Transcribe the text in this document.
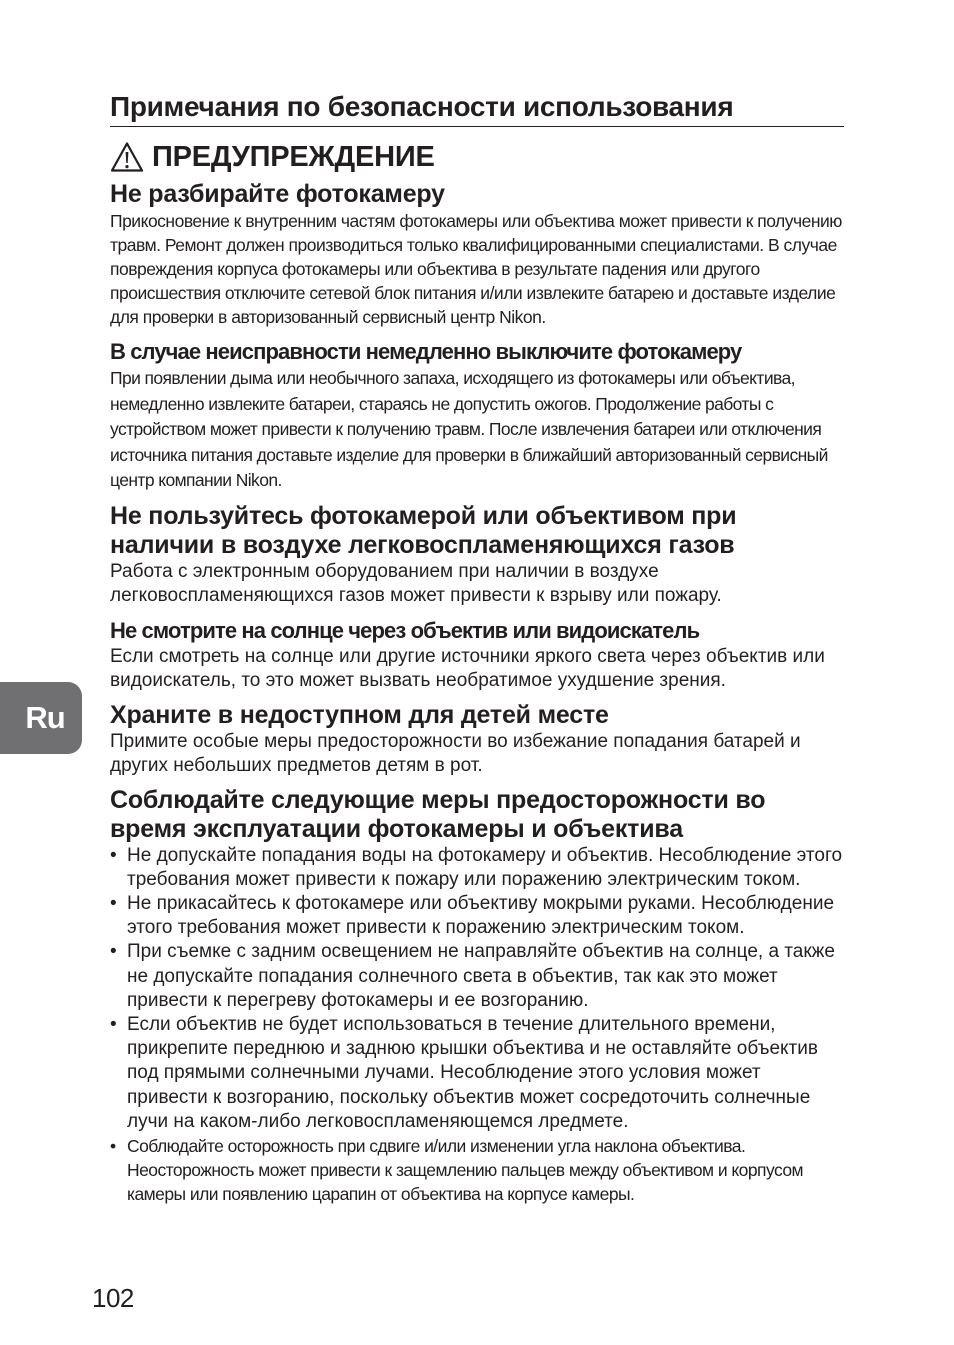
Примечания по безопасности использования
ПРЕДУПРЕЖДЕНИЕ
Не разбирайте фотокамеру

Прикосновение к внутренним частям фотокамеры или объектива может привести к получению травм. Ремонт должен производиться только квалифицированными специалистами. В случае повреждения корпуса фотокамеры или объектива в результате падения или другого происшествия отключите сетевой блок питания и/или извлеките батарею и доставьте изделие для проверки в авторизованный сервисный центр Nikon.

В случае неисправности немедленно выключите фотокамеру

При появлении дыма или необычного запаха, исходящего из фотокамеры или объектива, немедленно извлеките батареи, стараясь не допустить ожогов. Продолжение работы с устройством может привести к получению травм. После извлечения батареи или отключения источника питания доставьте изделие для проверки в ближайший авторизованный сервисный центр компании Nikon.

Не пользуйтесь фотокамерой или объективом при наличии в воздухе легковоспламеняющихся газов

Работа с электронным оборудованием при наличии в воздухе легковоспламеняющихся газов может привести к взрыву или пожару.

Не смотрите на солнце через объектив или видоискатель

Если смотреть на солнце или другие источники яркого света через объектив или видоискатель, то это может вызвать необратимое ухудшение зрения.

Храните в недоступном для детей месте

Примите особые меры предосторожности во избежание попадания батарей и других небольших предметов детям в рот.

Соблюдайте следующие меры предосторожности во время эксплуатации фотокамеры и объектива
• Не допускайте попадания воды на фотокамеру и объектив. Несоблюдение этого требования может привести к пожару или поражению электрическим током.
• Не прикасайтесь к фотокамере или объективу мокрыми руками. Несоблюдение этого требования может привести к поражению электрическим током.
• При съемке с задним освещением не направляйте объектив на солнце, а также не допускайте попадания солнечного света в объектив, так как это может привести к перегреву фотокамеры и ее возгоранию.
• Если объектив не будет использоваться в течение длительного времени, прикрепите переднюю и заднюю крышки объектива и не оставляйте объектив под прямыми солнечными лучами. Несоблюдение этого условия может привести к возгоранию, поскольку объектив может сосредоточить солнечные лучи на каком-либо легковоспламеняющемся лредмете.
• Соблюдайте осторожность при сдвиге и/или изменении угла наклона объектива. Неосторожность может привести к защемлению пальцев между объективом и корпусом камеры или появлению царапин от объектива на корпусе камеры.
Ru
102
